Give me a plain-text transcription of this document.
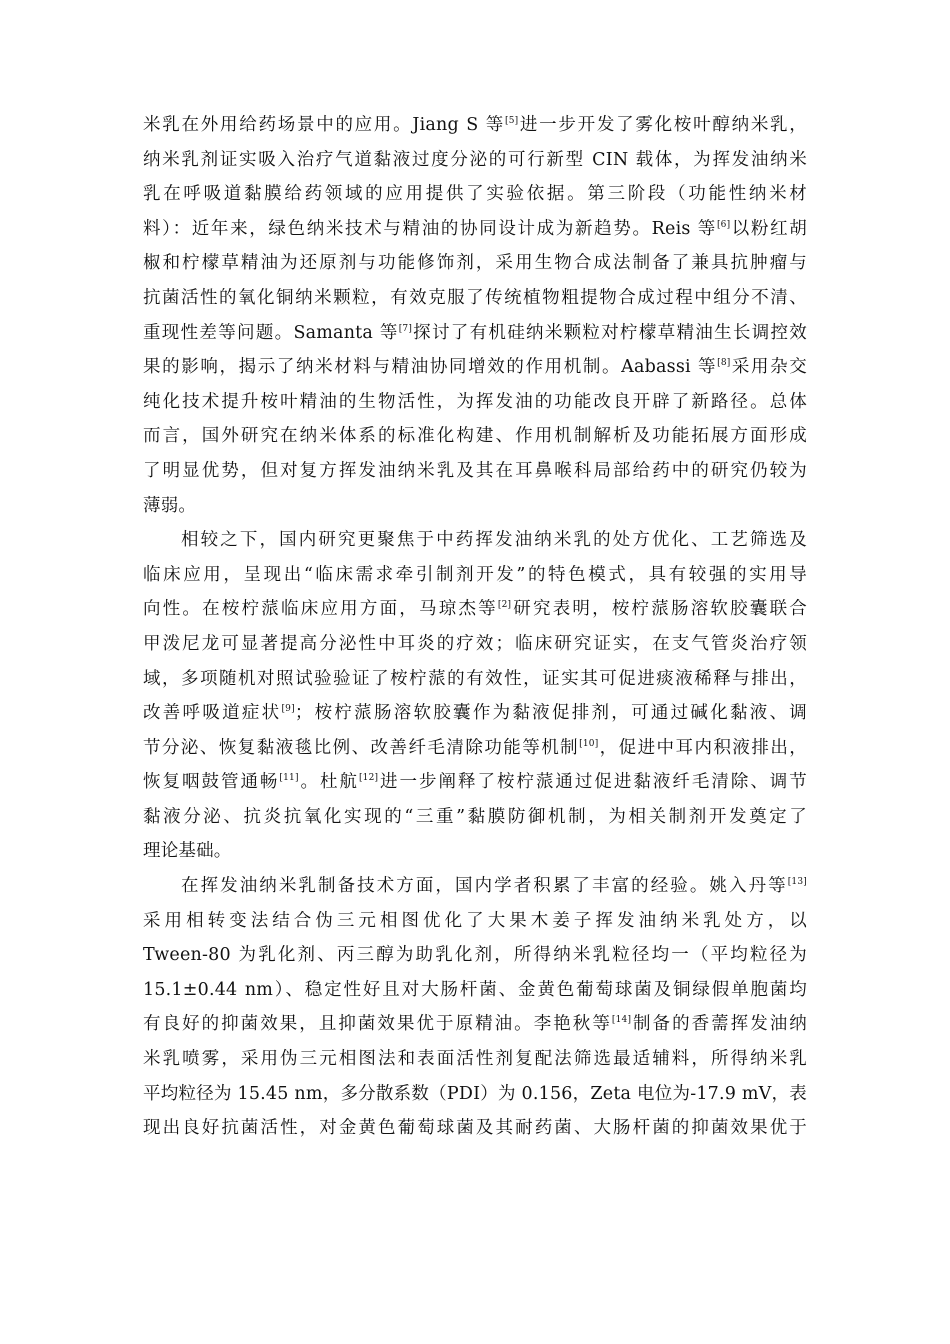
米乳在外用给药场景中的应用。Jiang S 等[5]进一步开发了雾化桉叶醇纳米乳，
纳米乳剂证实吸入治疗气道黏液过度分泌的可行新型 CIN 载体，为挥发油纳米
乳在呼吸道黏膜给药领域的应用提供了实验依据。第三阶段（功能性纳米材
料）：近年来，绿色纳米技术与精油的协同设计成为新趋势。Reis 等[6]以粉红胡
椒和柠檬草精油为还原剂与功能修饰剂，采用生物合成法制备了兼具抗肿瘤与
抗菌活性的氧化铜纳米颗粒，有效克服了传统植物粗提物合成过程中组分不清、
重现性差等问题。Samanta 等[7]探讨了有机硅纳米颗粒对柠檬草精油生长调控效
果的影响，揭示了纳米材料与精油协同增效的作用机制。Aabassi 等[8]采用杂交
纯化技术提升桉叶精油的生物活性，为挥发油的功能改良开辟了新路径。总体
而言，国外研究在纳米体系的标准化构建、作用机制解析及功能拓展方面形成
了明显优势，但对复方挥发油纳米乳及其在耳鼻喉科局部给药中的研究仍较为
薄弱。
相较之下，国内研究更聚焦于中药挥发油纳米乳的处方优化、工艺筛选及
临床应用，呈现出“临床需求牵引制剂开发”的特色模式，具有较强的实用导
向性。在桉柠蒎临床应用方面，马琼杰等[2]研究表明，桉柠蒎肠溶软胶囊联合
甲泼尼龙可显著提高分泌性中耳炎的疗效；临床研究证实，在支气管炎治疗领
域，多项随机对照试验验证了桉柠蒎的有效性，证实其可促进痰液稀释与排出，
改善呼吸道症状[9]；桉柠蒎肠溶软胶囊作为黏液促排剂，可通过碱化黏液、调
节分泌、恢复黏液毯比例、改善纤毛清除功能等机制[10]，促进中耳内积液排出，
恢复咽鼓管通畅[11]。杜航[12]进一步阐释了桉柠蒎通过促进黏液纤毛清除、调节
黏液分泌、抗炎抗氧化实现的“三重”黏膜防御机制，为相关制剂开发奠定了
理论基础。
在挥发油纳米乳制备技术方面，国内学者积累了丰富的经验。姚入丹等[13]
采用相转变法结合伪三元相图优化了大果木姜子挥发油纳米乳处方，以
Tween-80 为乳化剂、丙三醇为助乳化剂，所得纳米乳粒径均一（平均粒径为
15.1±0.44 nm）、稳定性好且对大肠杆菌、金黄色葡萄球菌及铜绿假单胞菌均
有良好的抑菌效果，且抑菌效果优于原精油。李艳秋等[14]制备的香薷挥发油纳
米乳喷雾，采用伪三元相图法和表面活性剂复配法筛选最适辅料，所得纳米乳
平均粒径为 15.45 nm，多分散系数（PDI）为 0.156，Zeta 电位为-17.9 mV，表
现出良好抗菌活性，对金黄色葡萄球菌及其耐药菌、大肠杆菌的抑菌效果优于
